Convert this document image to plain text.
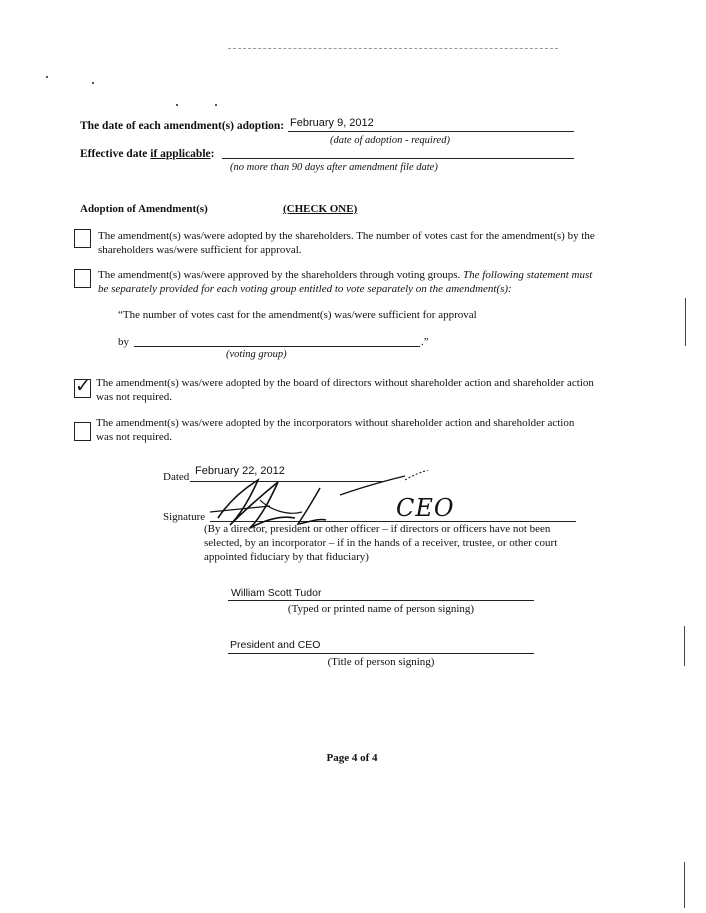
The date of each amendment(s) adoption: February 9, 2012
(date of adoption - required)
Effective date if applicable:
(no more than 90 days after amendment file date)
Adoption of Amendment(s)	(CHECK ONE)
The amendment(s) was/were adopted by the shareholders. The number of votes cast for the amendment(s) by the shareholders was/were sufficient for approval.
The amendment(s) was/were approved by the shareholders through voting groups. The following statement must be separately provided for each voting group entitled to vote separately on the amendment(s):
“The number of votes cast for the amendment(s) was/were sufficient for approval
by	.”
(voting group)
✓ The amendment(s) was/were adopted by the board of directors without shareholder action and shareholder action was not required.
The amendment(s) was/were adopted by the incorporators without shareholder action and shareholder action was not required.
Dated February 22, 2012
Signature	CEO
(By a director, president or other officer – if directors or officers have not been selected, by an incorporator – if in the hands of a receiver, trustee, or other court appointed fiduciary by that fiduciary)
William Scott Tudor
(Typed or printed name of person signing)
President and CEO
(Title of person signing)
Page 4 of 4
